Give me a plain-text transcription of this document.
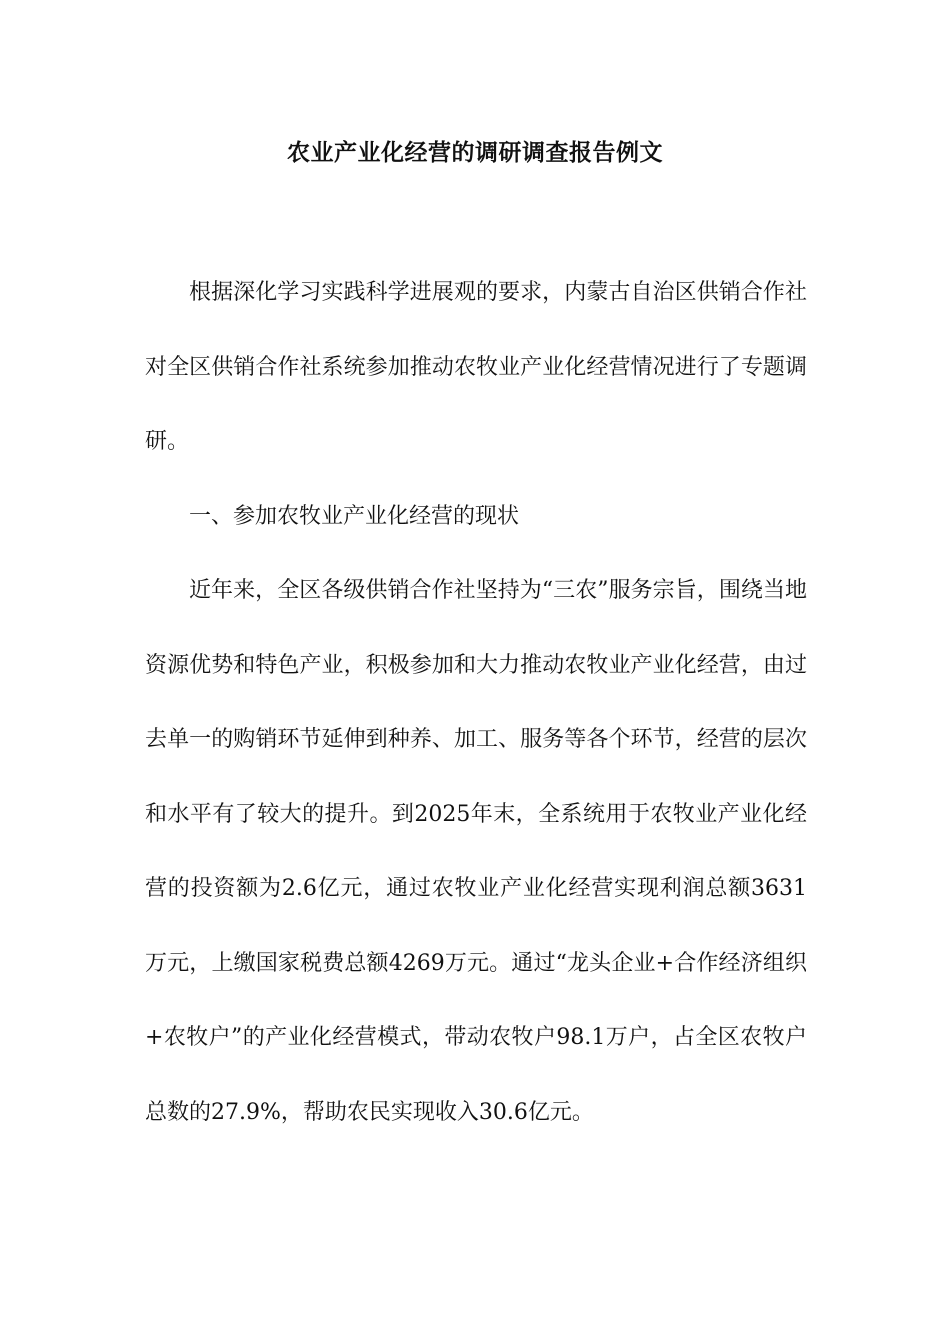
农业产业化经营的调研调查报告例文

根据深化学习实践科学进展观的要求，内蒙古自治区供销合作社对全区供销合作社系统参加推动农牧业产业化经营情况进行了专题调研。

一、参加农牧业产业化经营的现状

近年来，全区各级供销合作社坚持为“三农”服务宗旨，围绕当地资源优势和特色产业，积极参加和大力推动农牧业产业化经营，由过去单一的购销环节延伸到种养、加工、服务等各个环节，经营的层次和水平有了较大的提升。到2025年末，全系统用于农牧业产业化经营的投资额为2.6亿元，通过农牧业产业化经营实现利润总额3631万元，上缴国家税费总额4269万元。通过“龙头企业+合作经济组织+农牧户”的产业化经营模式，带动农牧户98.1万户，占全区农牧户总数的27.9%，帮助农民实现收入30.6亿元。
